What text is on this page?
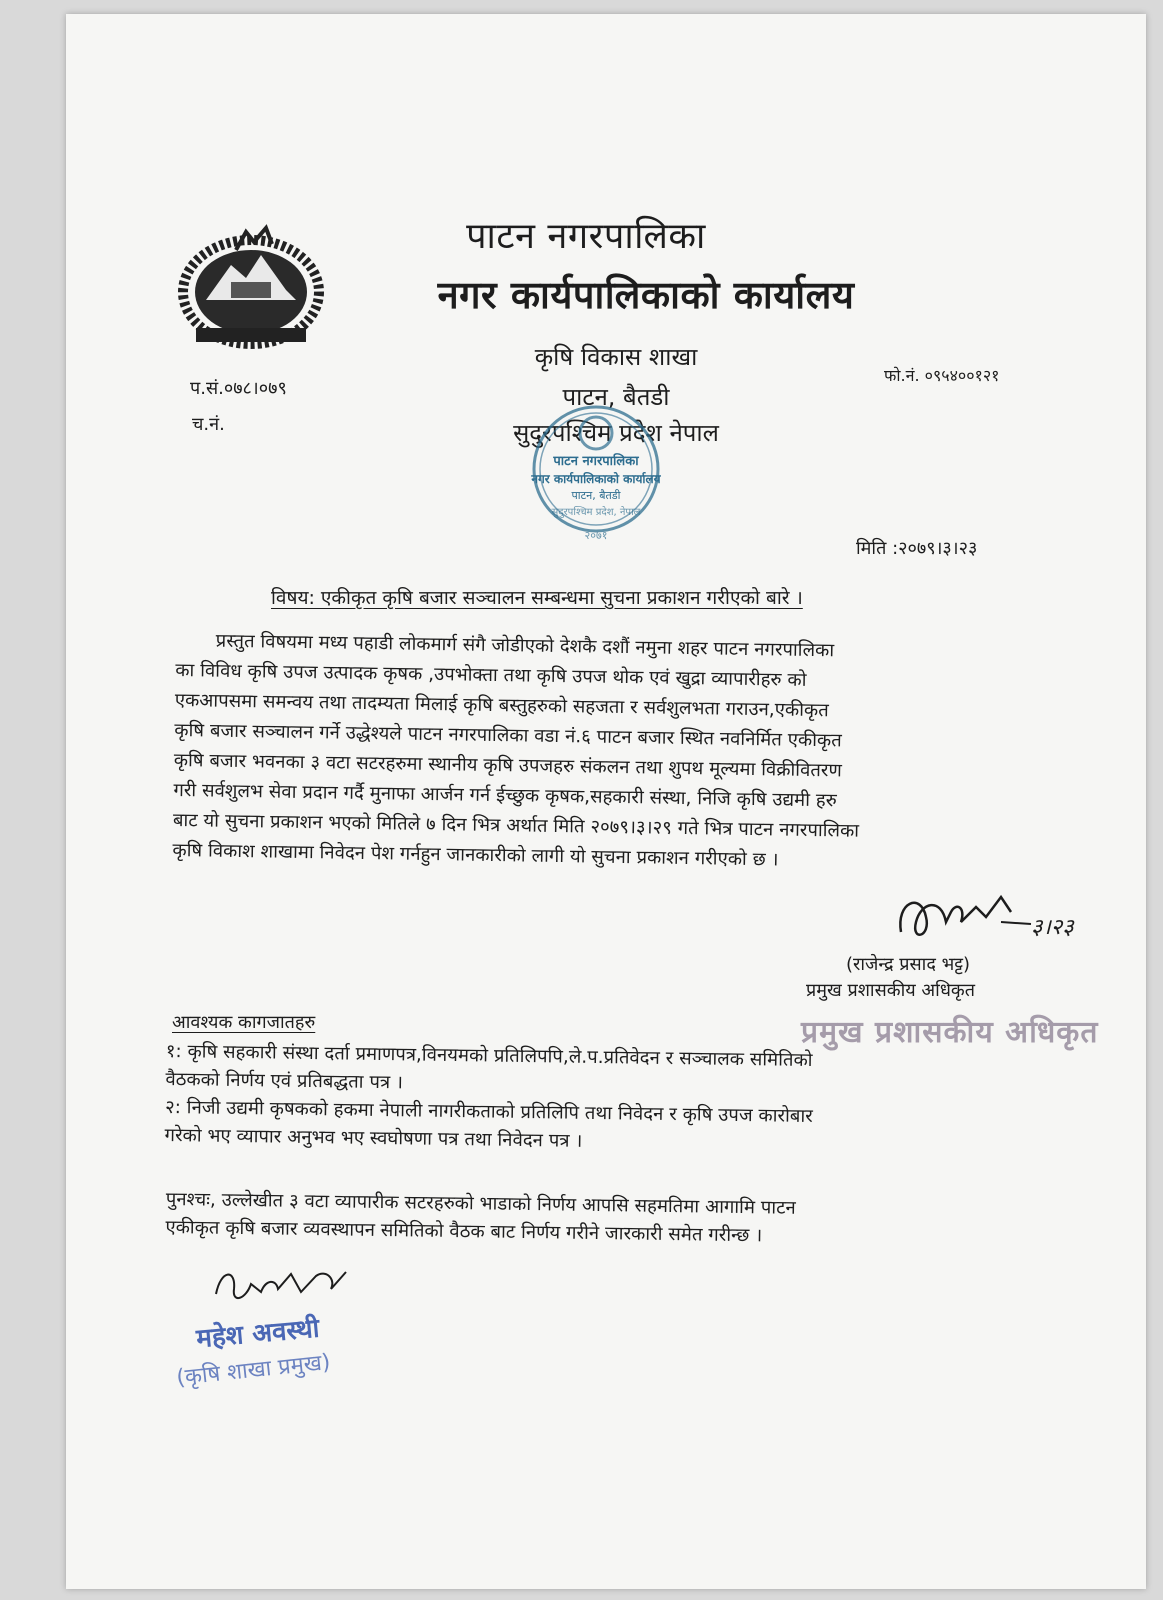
पाटन नगरपालिका
नगर कार्यपालिकाको कार्यालय
कृषि विकास शाखा
पाटन, बैतडी
सुदुरपश्चिम प्रदेश नेपाल
पाटन नगरपालिका
नगर कार्यपालिकाको कार्यालय
पाटन, बैतडी
सुदुरपश्चिम प्रदेश, नेपाल
२०७१
प.सं.०७८।०७९
च.नं.
फो.नं. ०९५४००१२१
मिति :२०७९।३।२३
विषय: एकीकृत कृषि बजार सञ्चालन सम्बन्धमा सुचना प्रकाशन गरीएको बारे ।

प्रस्तुत विषयमा मध्य पहाडी लोकमार्ग संगै जोडीएको देशकै दशौं नमुना शहर पाटन नगरपालिका

का विविध कृषि उपज उत्पादक कृषक ,उपभोक्ता तथा कृषि उपज थोक एवं खुद्रा व्यापारीहरु को

एकआपसमा समन्वय तथा तादम्यता मिलाई कृषि बस्तुहरुको सहजता र सर्वशुलभता गराउन,एकीकृत

कृषि बजार सञ्चालन गर्ने उद्धेश्यले पाटन नगरपालिका वडा नं.६ पाटन बजार स्थित नवनिर्मित एकीकृत

कृषि बजार भवनका ३ वटा सटरहरुमा स्थानीय कृषि उपजहरु संकलन तथा शुपथ मूल्यमा विक्रीवितरण

गरी सर्वशुलभ सेवा प्रदान गर्दै मुनाफा आर्जन गर्न ईच्छुक कृषक,सहकारी संस्था, निजि कृषि उद्यमी हरु

बाट यो सुचना प्रकाशन भएको मितिले ७ दिन भित्र अर्थात मिति २०७९।३।२९ गते भित्र पाटन नगरपालिका

कृषि विकाश शाखामा निवेदन पेश गर्नहुन जानकारीको लागी यो सुचना प्रकाशन गरीएको छ ।

३।२३
(राजेन्द्र प्रसाद भट्ट)
प्रमुख प्रशासकीय अधिकृत
प्रमुख प्रशासकीय अधिकृत
आवश्यक कागजातहरु

१: कृषि सहकारी संस्था दर्ता प्रमाणपत्र,विनयमको प्रतिलिपपि,ले.प.प्रतिवेदन र सञ्चालक समितिको

वैठकको निर्णय एवं प्रतिबद्धता पत्र ।

२: निजी उद्यमी कृषकको हकमा नेपाली नागरीकताको प्रतिलिपि तथा निवेदन र कृषि उपज कारोबार

गरेको भए व्यापार अनुभव भए स्वघोषणा पत्र तथा निवेदन पत्र ।

पुनश्चः, उल्लेखीत ३ वटा व्यापारीक सटरहरुको भाडाको निर्णय आपसि सहमतिमा आगामि पाटन

एकीकृत कृषि बजार व्यवस्थापन समितिको वैठक बाट निर्णय गरीने जारकारी समेत गरीन्छ ।

महेश अवस्थी
(कृषि शाखा प्रमुख)
